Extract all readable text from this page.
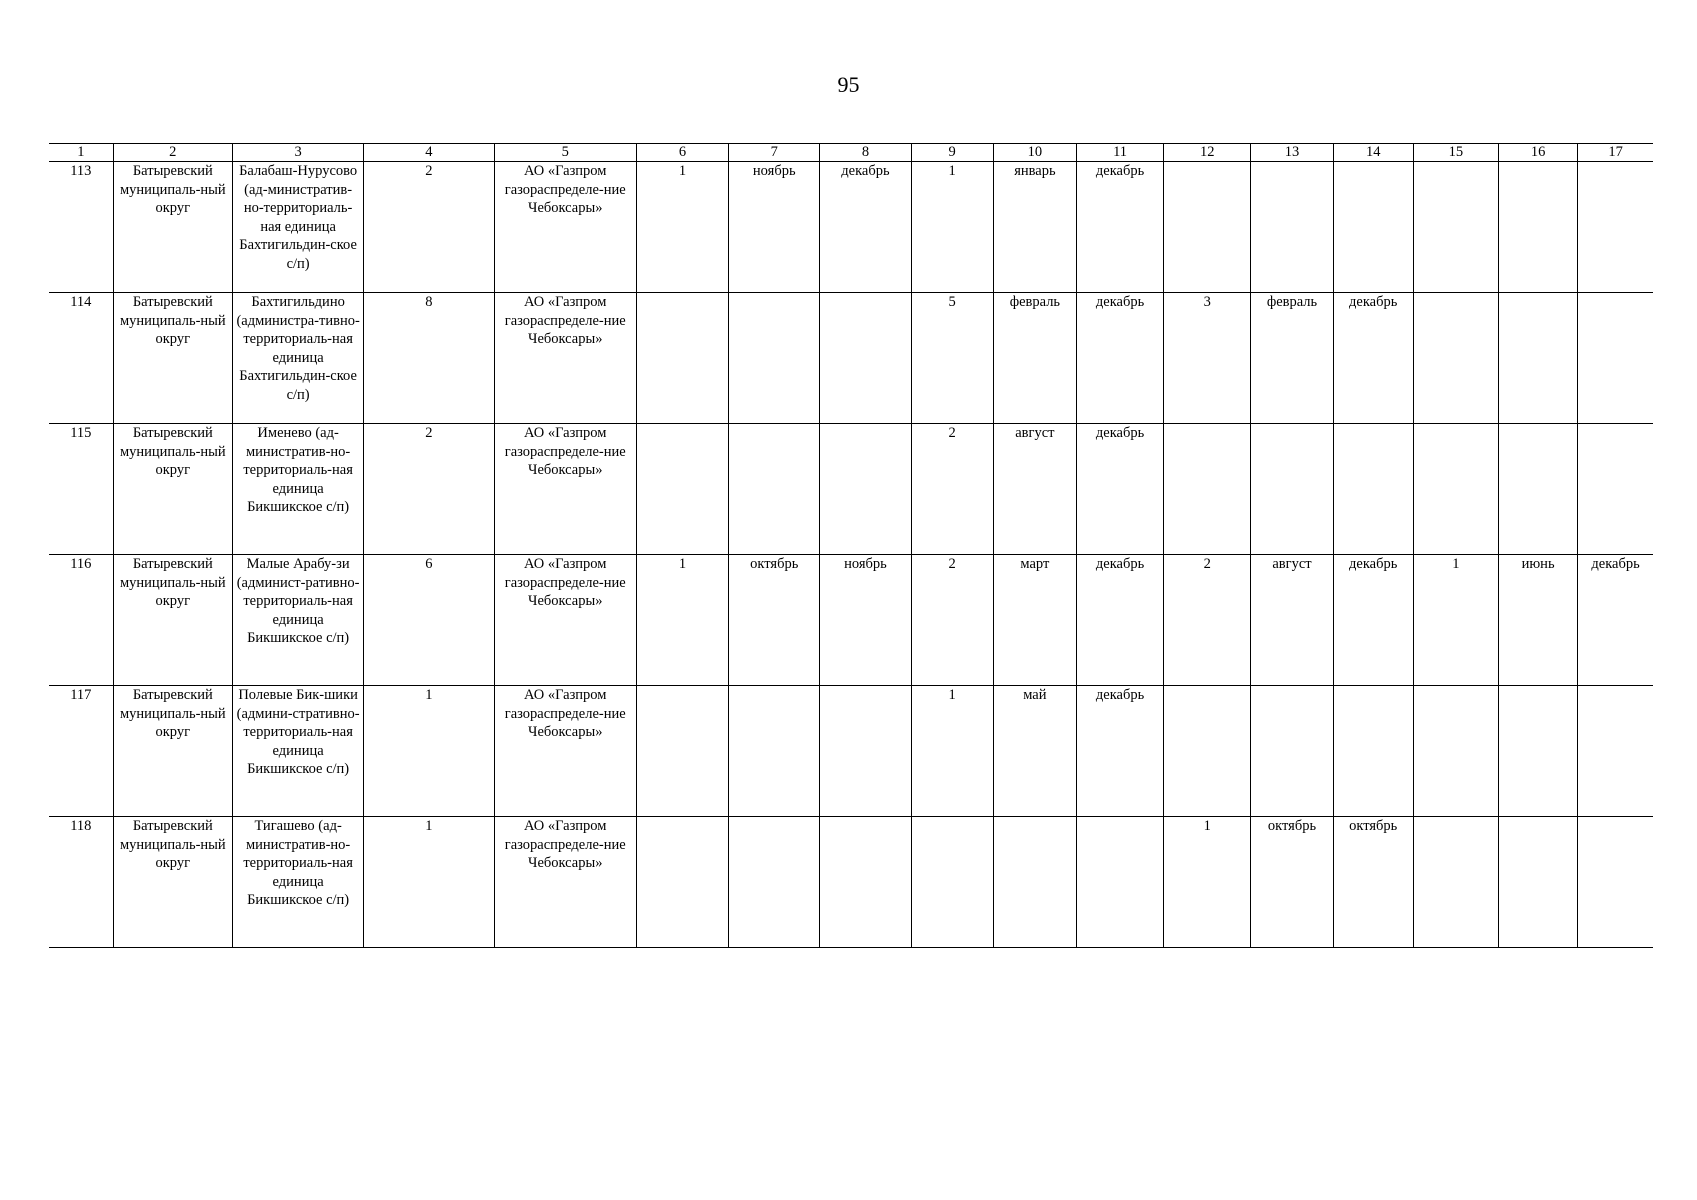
95
1	2	3	4	5	6	7	8	9	10	11	12	13	14	15	16	17
113	Батыревский муниципаль-ный округ	Балабаш-Нурусово (ад-министратив-но-территориаль-ная единица Бахтигильдин-ское с/п)	2	АО «Газпром газораспределе-ние Чебоксары»	1	ноябрь	декабрь	1	январь	декабрь						
114	Батыревский муниципаль-ный округ	Бахтигильдино (администра-тивно-территориаль-ная единица Бахтигильдин-ское с/п)	8	АО «Газпром газораспределе-ние Чебоксары»				5	февраль	декабрь	3	февраль	декабрь			
115	Батыревский муниципаль-ный округ	Именево (ад-министратив-но-территориаль-ная единица Бикшикское с/п)	2	АО «Газпром газораспределе-ние Чебоксары»				2	август	декабрь						
116	Батыревский муниципаль-ный округ	Малые Арабу-зи (админист-ративно-территориаль-ная единица Бикшикское с/п)	6	АО «Газпром газораспределе-ние Чебоксары»	1	октябрь	ноябрь	2	март	декабрь	2	август	декабрь	1	июнь	декабрь
117	Батыревский муниципаль-ный округ	Полевые Бик-шики (админи-стративно-территориаль-ная единица Бикшикское с/п)	1	АО «Газпром газораспределе-ние Чебоксары»				1	май	декабрь						
118	Батыревский муниципаль-ный округ	Тигашево (ад-министратив-но-территориаль-ная единица Бикшикское с/п)	1	АО «Газпром газораспределе-ние Чебоксары»							1	октябрь	октябрь			
